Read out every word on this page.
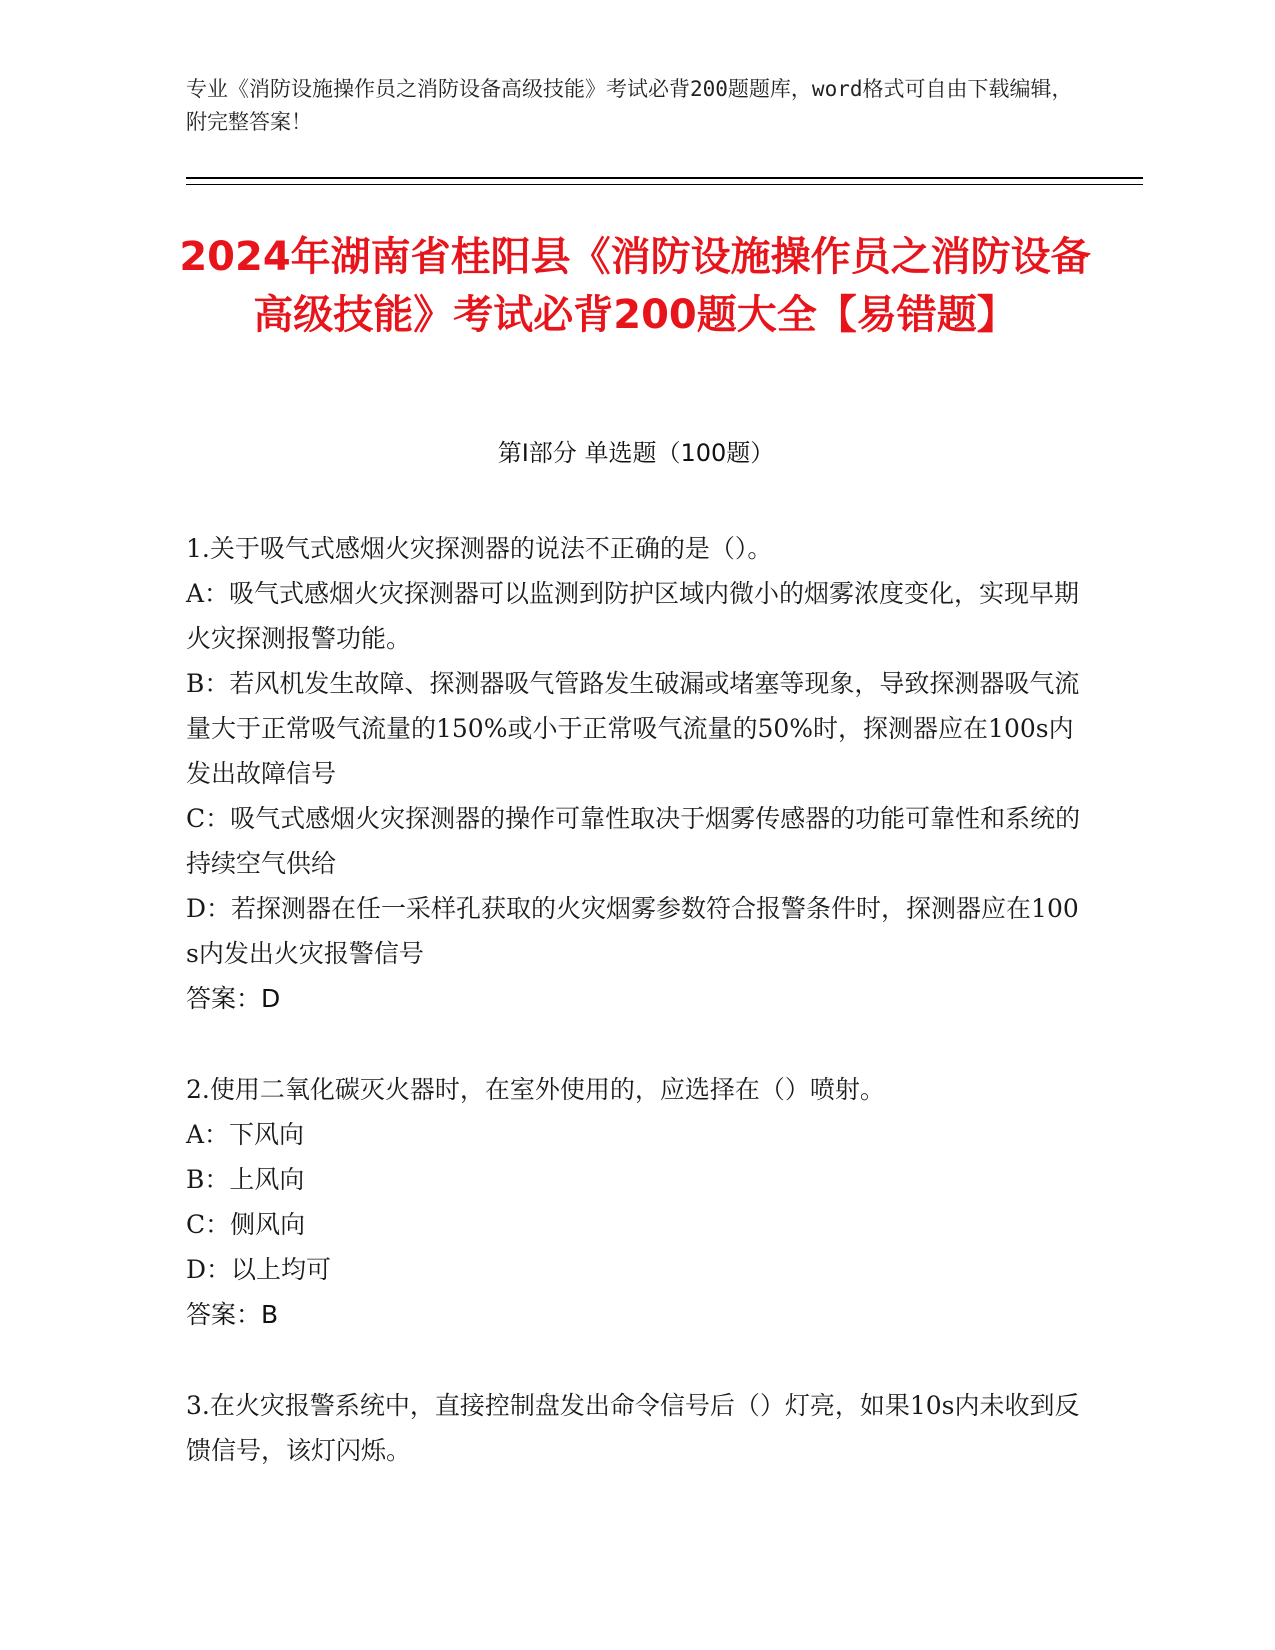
专业《消防设施操作员之消防设备高级技能》考试必背200题题库，word格式可自由下载编辑，附完整答案！
2024年湖南省桂阳县《消防设施操作员之消防设备高级技能》考试必背200题大全【易错题】
第I部分 单选题（100题）
1.关于吸气式感烟火灾探测器的说法不正确的是（）。
A：吸气式感烟火灾探测器可以监测到防护区域内微小的烟雾浓度变化，实现早期火灾探测报警功能。
B：若风机发生故障、探测器吸气管路发生破漏或堵塞等现象，导致探测器吸气流量大于正常吸气流量的150%或小于正常吸气流量的50%时，探测器应在100s内发出故障信号
C：吸气式感烟火灾探测器的操作可靠性取决于烟雾传感器的功能可靠性和系统的持续空气供给
D：若探测器在任一采样孔获取的火灾烟雾参数符合报警条件时，探测器应在100s内发出火灾报警信号
答案：D
2.使用二氧化碳灭火器时，在室外使用的，应选择在（）喷射。
A：下风向
B：上风向
C：侧风向
D：以上均可
答案：B
3.在火灾报警系统中，直接控制盘发出命令信号后（）灯亮，如果10s内未收到反馈信号，该灯闪烁。
